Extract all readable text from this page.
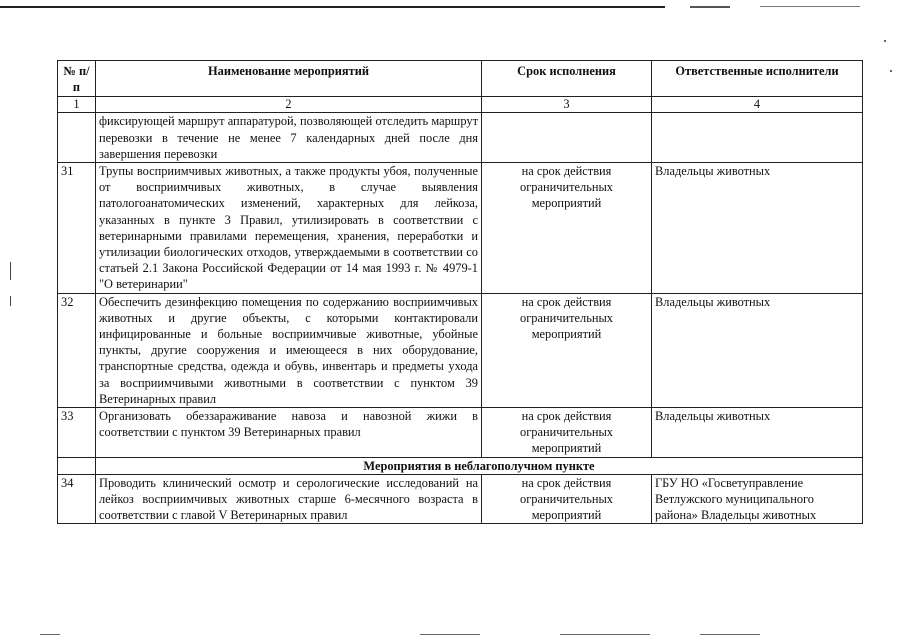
№ п/п	Наименование мероприятий	Срок исполнения	Ответственные исполнители
1	2	3	4
	фиксирующей маршрут аппаратурой, позволяющей отследить маршрут перевозки в течение не менее 7 календарных дней после дня завершения перевозки		
31	Трупы восприимчивых животных, а также продукты убоя, полученные от восприимчивых животных, в случае выявления патологоанатомических изменений, характерных для лейкоза, указанных в пункте 3 Правил, утилизировать в соответствии с ветеринарными правилами перемещения, хранения, переработки и утилизации биологических отходов, утверждаемыми в соответствии со статьей 2.1 Закона Российской Федерации от 14 мая 1993 г. № 4979-1 "О ветеринарии"	на срок действия ограничительных мероприятий	Владельцы животных
32	Обеспечить дезинфекцию помещения по содержанию восприимчивых животных и другие объекты, с которыми контактировали инфицированные и больные восприимчивые животные, убойные пункты, другие сооружения и имеющееся в них оборудование, транспортные средства, одежда и обувь, инвентарь и предметы ухода за восприимчивыми животными в соответствии с пунктом 39 Ветеринарных правил	на срок действия ограничительных мероприятий	Владельцы животных
33	Организовать обеззараживание навоза и навозной жижи в соответствии с пунктом 39 Ветеринарных правил	на срок действия ограничительных мероприятий	Владельцы животных
	Мероприятия в неблагополучном пункте		
34	Проводить клинический осмотр и серологические исследований на лейкоз восприимчивых животных старше 6-месячного возраста в соответствии с главой V Ветеринарных правил	на срок действия ограничительных мероприятий	ГБУ НО «Госветуправление Ветлужского муниципального района» Владельцы животных
